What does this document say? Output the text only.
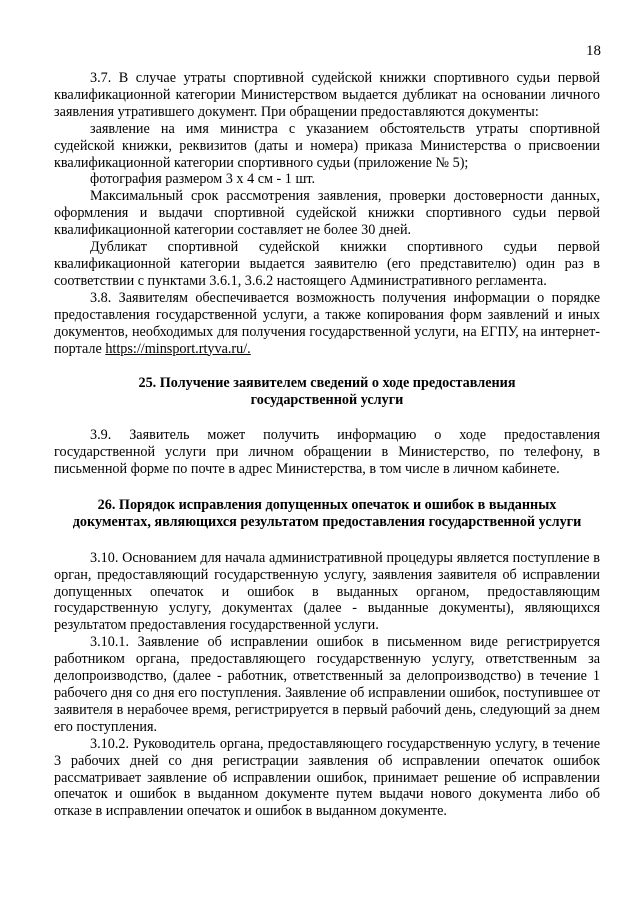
18

3.7. В случае утраты спортивной судейской книжки спортивного судьи первой квалификационной категории Министерством выдается дубликат на основании личного заявления утратившего документ. При обращении предоставляются документы:

заявление на имя министра с указанием обстоятельств утраты спортивной судейской книжки, реквизитов (даты и номера) приказа Министерства о присвоении квалификационной категории спортивного судьи (приложение № 5);

фотография размером 3 х 4 см - 1 шт.

Максимальный срок рассмотрения заявления, проверки достоверности данных, оформления и выдачи спортивной судейской книжки спортивного судьи первой квалификационной категории составляет не более 30 дней.

Дубликат спортивной судейской книжки спортивного судьи первой квалификационной категории выдается заявителю (его представителю) один раз в соответствии с пунктами 3.6.1, 3.6.2 настоящего Административного регламента.

3.8. Заявителям обеспечивается возможность получения информации о порядке предоставления государственной услуги, а также копирования форм заявлений и иных документов, необходимых для получения государственной услуги, на ЕГПУ, на интернет-портале https://minsport.rtyva.ru/.

25. Получение заявителем сведений о ходе предоставления
государственной услуги

3.9. Заявитель может получить информацию о ходе предоставления государственной услуги при личном обращении в Министерство, по телефону, в письменной форме по почте в адрес Министерства, в том числе в личном кабинете.

26. Порядок исправления допущенных опечаток и ошибок в выданных
документах, являющихся результатом предоставления государственной услуги

3.10. Основанием для начала административной процедуры является поступление в орган, предоставляющий государственную услугу, заявления заявителя об исправлении допущенных опечаток и ошибок в выданных органом, предоставляющим государственную услугу, документах (далее - выданные документы), являющихся результатом предоставления государственной услуги.

3.10.1. Заявление об исправлении ошибок в письменном виде регистрируется работником органа, предоставляющего государственную услугу, ответственным за делопроизводство, (далее - работник, ответственный за делопроизводство) в течение 1 рабочего дня со дня его поступления. Заявление об исправлении ошибок, поступившее от заявителя в нерабочее время, регистрируется в первый рабочий день, следующий за днем его поступления.

3.10.2. Руководитель органа, предоставляющего государственную услугу, в течение 3 рабочих дней со дня регистрации заявления об исправлении опечаток ошибок рассматривает заявление об исправлении ошибок, принимает решение об исправлении опечаток и ошибок в выданном документе путем выдачи нового документа либо об отказе в исправлении опечаток и ошибок в выданном документе.
